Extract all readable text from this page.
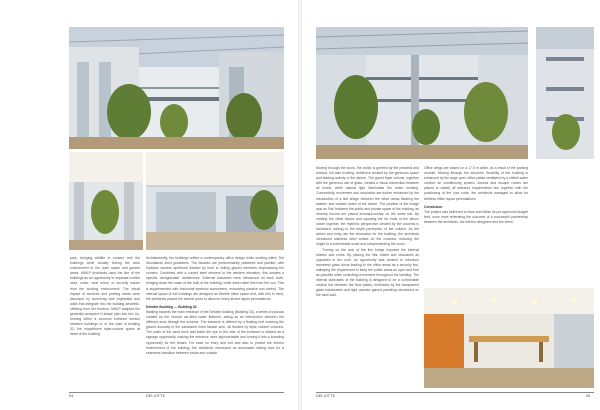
park, bringing wildlife in contact with the buildings while visually linking the work environment to the open space and garden areas. MMLP Architects used the line of the buildings as an opportunity to separate conflict uses, noise, heat mirror or security issues from the working environment. The visual impact of services and parking areas were disclosed by screening with vegetation and walls that integrate into the building aesthetic. Utilising from her function, MMLP adapted the generally accepted H-shape plan into two Us, forming either a common entrance terrace between buildings or, in the case of building 33, the magnificent triple-volume space at heart of the building.

Architecturally, the buildings reflect a contemporary office design while working within The Woodlands strict guidelines. The facades are predominantly plastered and painted, with rhythmic window apertures flanked by front to ceiling glazed elements emphasising the corners. Combined with a curved steel element to the western elevation, this creates a specific 'recognisable' architecture. External balconies were introduced on each level, bringing down the scale of the bulk of the building, while sheer steel fins from the sun. This is supplemented with horizontal eyebrow sunscreens, enhancing passive sun control. The internal layout of the buildings are designed as flexible office space and, with this in mind, the architects placed the central cores to allow for many tenant layout permutations.

Deloitte Building — Building 33

Walking towards the main entrance of the Deloitte building (Building 33), a series of piazzas created by the circular car-filled water features, acting as an intersection between the different axes through the scheme. The entrance is defined by a floating roof covering the glazed doorway in the sandstone lined facade arch, all flanked by triple volume columns. The scale of the sand brick wall leads the eye to the side of the entrance is utilised as a signage opportunity, making the entrance more approachable and turning it into a branding opportunity for the tenant. For ease on entry and exit and also to protect the interior environment of the building, the architects introduced an automated sliding door for a seamless transition between inside and outside.

94	DELOITTE

Moving through the doors, the visitor is greeted by the peaceful and relaxed, but also exciting, ambience created by the generous space and leading activity of the atrium. The grand triple volume, together with the generous use of glass, creates a visual connection between all levels, while natural light illuminates the entire building. Connectivity, movement and circulation are further enhanced by the introduction of a link bridge between the office areas flanking the eastern and western sides of the atrium. The position of the bridge acts as 'link' between the public and private space of the building, as security booms are placed inconspicuously on the same link. By rotating the office blocks and squaring the far ends of the atrium closer together, the rhythmic perspective created by the columns is increased, adding to the depth perception of the volume. As the atrium and entry are the showcase for the building, the architects introduced stainless steel collars on the columns, reducing the height to a comfortable scale and complementing the cores.

Turning on the axis of the link bridge exposes the internal lobbies and cores. By placing the lifts, toilets and staircases as opposites in the core, an opportunity was created to introduce frameless glass doors leading to the office areas as a security line, satisfying the requirement to keep the public areas as open and free as possible while controlling movement throughout the building. The internal staircases of the building is designed to be a comfortable vertical link between the floor plates, embraced by the transparent glass balustrades and light washed glazed panelling introduced on the back wall.

Office wings are based on a 17.5 m width, as a result of the parking module. Moving through the structure, flexibility of the building is enhanced by the large open office plates ventilated by a chilled water comfort air conditioning system. Access and escape routes are placed to satisfy all statutory requirements but, together with the positioning of the core node, the architects managed to allow for limitless office layout permutations.

Conclusion

The project was delivered on time and within its pre-approved budget limit, once more reiterating the outcome of a successful partnership between the architects, the interior designers and the client.

DELOITTE	95
